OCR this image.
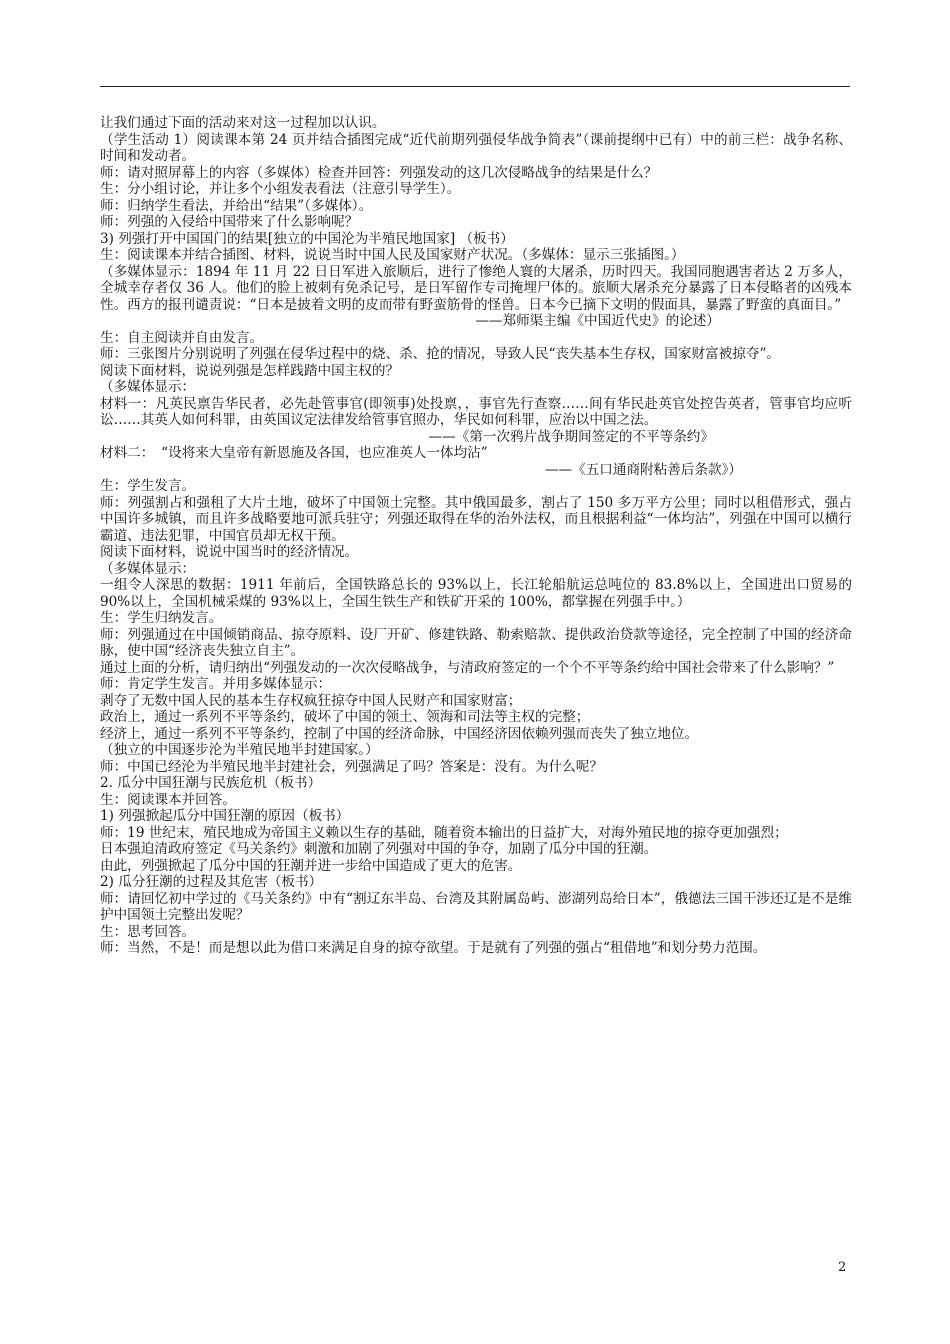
让我们通过下面的活动来对这一过程加以认识。

（学生活动 1）阅读课本第 24 页并结合插图完成“近代前期列强侵华战争简表”（课前提纲中已有）中的前三栏：战争名称、时间和发动者。

师：请对照屏幕上的内容（多媒体）检查并回答：列强发动的这几次侵略战争的结果是什么？

生：分小组讨论，并让多个小组发表看法（注意引导学生）。

师：归纳学生看法，并给出“结果”（多媒体）。

师：列强的入侵给中国带来了什么影响呢？

3) 列强打开中国国门的结果[独立的中国沦为半殖民地国家] （板书）

生：阅读课本并结合插图、材料，说说当时中国人民及国家财产状况。（多媒体：显示三张插图。）

（多媒体显示：1894 年 11 月 22 日日军进入旅顺后，进行了惨绝人寰的大屠杀，历时四天。我国同胞遇害者达 2 万多人，全城幸存者仅 36 人。他们的脸上被刺有免杀记号，是日军留作专司掩埋尸体的。旅顺大屠杀充分暴露了日本侵略者的凶残本性。西方的报刊谴责说：“日本是披着文明的皮而带有野蛮筋骨的怪兽。日本今已摘下文明的假面具，暴露了野蛮的真面目。”

——郑师渠主编《中国近代史》的论述）

生：自主阅读并自由发言。

师：三张图片分别说明了列强在侵华过程中的烧、杀、抢的情况，导致人民“丧失基本生存权，国家财富被掠夺”。

阅读下面材料，说说列强是怎样践踏中国主权的？

（多媒体显示：

材料一：凡英民禀告华民者，必先赴管事官(即领事)处投禀，，事官先行查察……间有华民赴英官处控告英者，管事官均应听讼……其英人如何科罪，由英国议定法律发给管事官照办，华民如何科罪，应治以中国之法。

——《第一次鸦片战争期间签定的不平等条约》

材料二：　“设将来大皇帝有新恩施及各国，也应准英人一体均沾”

——《五口通商附粘善后条款》）

生：学生发言。

师：列强割占和强租了大片土地，破坏了中国领土完整。其中俄国最多，割占了 150 多万平方公里；同时以租借形式，强占中国许多城镇，而且许多战略要地可派兵驻守；列强还取得在华的治外法权，而且根据利益“一体均沾”，列强在中国可以横行霸道、违法犯罪，中国官员却无权干预。

阅读下面材料，说说中国当时的经济情况。

（多媒体显示：

一组令人深思的数据：1911 年前后，全国铁路总长的 93%以上，长江轮船航运总吨位的 83.8%以上，全国进出口贸易的 90%以上，全国机械采煤的 93%以上，全国生铁生产和铁矿开采的 100%，都掌握在列强手中。）

生：学生归纳发言。

师：列强通过在中国倾销商品、掠夺原料、设厂开矿、修建铁路、勒索赔款、提供政治贷款等途径，完全控制了中国的经济命脉，使中国“经济丧失独立自主”。

通过上面的分析，请归纳出“列强发动的一次次侵略战争，与清政府签定的一个个不平等条约给中国社会带来了什么影响？”

师：肯定学生发言。并用多媒体显示：

剥夺了无数中国人民的基本生存权疯狂掠夺中国人民财产和国家财富；

政治上，通过一系列不平等条约，破坏了中国的领土、领海和司法等主权的完整；

经济上，通过一系列不平等条约，控制了中国的经济命脉，中国经济因依赖列强而丧失了独立地位。

（独立的中国逐步沦为半殖民地半封建国家。）

师：中国已经沦为半殖民地半封建社会，列强满足了吗？答案是：没有。为什么呢？

2. 瓜分中国狂潮与民族危机（板书）

生：阅读课本并回答。

1) 列强掀起瓜分中国狂潮的原因（板书）

师：19 世纪末，殖民地成为帝国主义赖以生存的基础，随着资本输出的日益扩大，对海外殖民地的掠夺更加强烈；

日本强迫清政府签定《马关条约》刺激和加剧了列强对中国的争夺，加剧了瓜分中国的狂潮。

由此，列强掀起了瓜分中国的狂潮并进一步给中国造成了更大的危害。

2) 瓜分狂潮的过程及其危害（板书）

师：请回忆初中学过的《马关条约》中有“割辽东半岛、台湾及其附属岛屿、澎湖列岛给日本”，俄德法三国干涉还辽是不是维护中国领土完整出发呢？

生：思考回答。

师：当然，不是！而是想以此为借口来满足自身的掠夺欲望。于是就有了列强的强占“租借地”和划分势力范围。

2
